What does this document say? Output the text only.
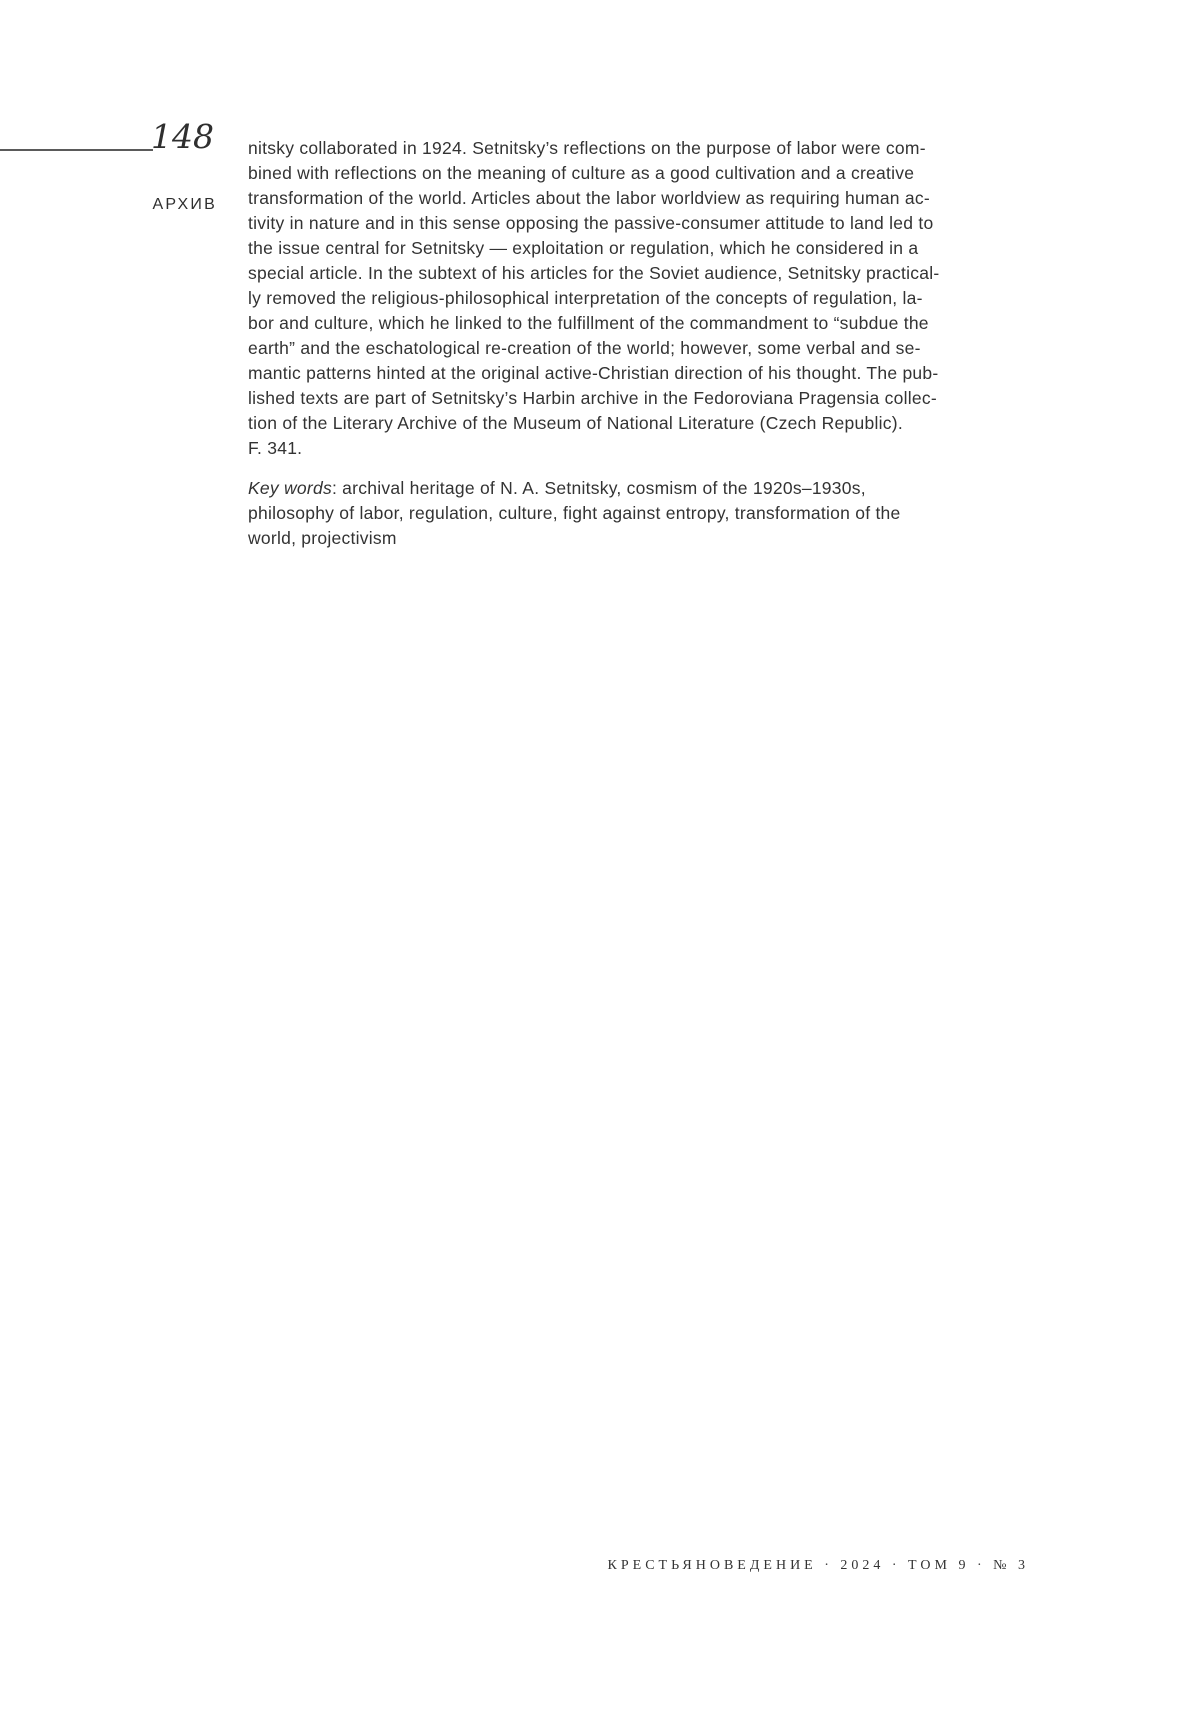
148
АРХИВ
nitsky collaborated in 1924. Setnitsky’s reflections on the purpose of labor were com-
bined with reflections on the meaning of culture as a good cultivation and a creative
transformation of the world. Articles about the labor worldview as requiring human ac-
tivity in nature and in this sense opposing the passive-consumer attitude to land led to
the issue central for Setnitsky — exploitation or regulation, which he considered in a
special article. In the subtext of his articles for the Soviet audience, Setnitsky practical-
ly removed the religious-philosophical interpretation of the concepts of regulation, la-
bor and culture, which he linked to the fulfillment of the commandment to “subdue the
earth” and the eschatological re-creation of the world; however, some verbal and se-
mantic patterns hinted at the original active-Christian direction of his thought. The pub-
lished texts are part of Setnitsky’s Harbin archive in the Fedoroviana Pragensia collec-
tion of the Literary Archive of the Museum of National Literature (Czech Republic).
F. 341.
Key words: archival heritage of N. A. Setnitsky, cosmism of the 1920s–1930s,
philosophy of labor, regulation, culture, fight against entropy, transformation of the
world, projectivism
КРЕСТЬЯНОВЕДЕНИЕ · 2024 · ТОМ 9 · № 3
